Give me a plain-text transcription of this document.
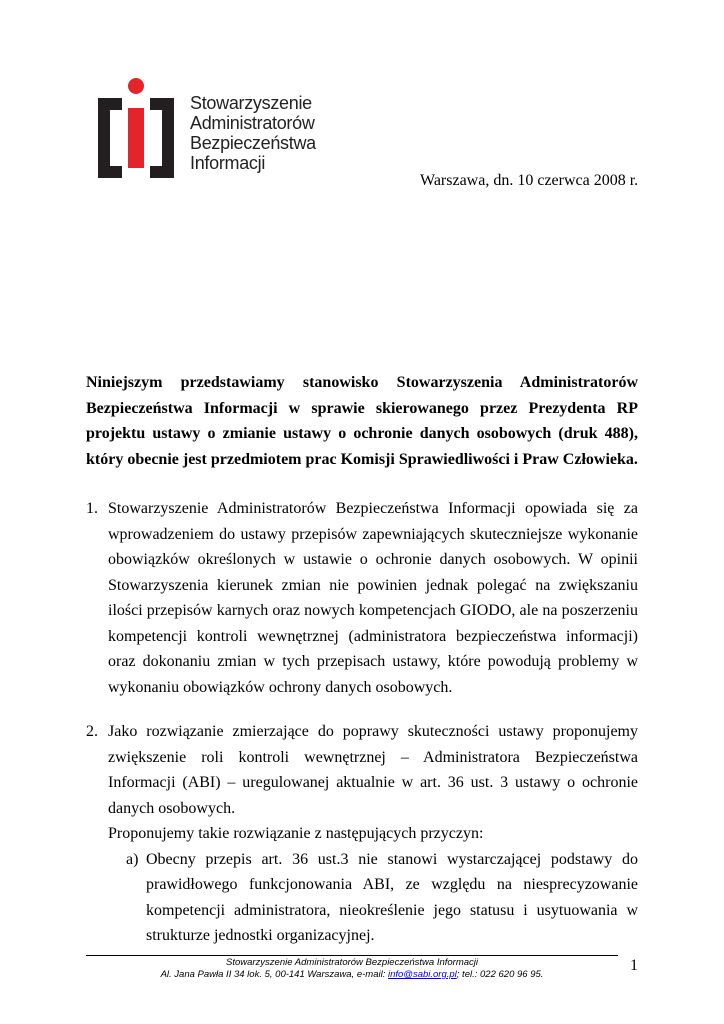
Stowarzyszenie
Administratorów
Bezpieczeństwa
Informacji
Warszawa, dn. 10 czerwca 2008 r.
Niniejszym przedstawiamy stanowisko Stowarzyszenia Administratorów
Bezpieczeństwa Informacji w sprawie skierowanego przez Prezydenta RP projektu ustawy o zmianie ustawy o ochronie danych osobowych (druk 488), który obecnie jest przedmiotem prac Komisji Sprawiedliwości i Praw Człowieka.
1. Stowarzyszenie Administratorów Bezpieczeństwa Informacji opowiada się za wprowadzeniem do ustawy przepisów zapewniających skuteczniejsze wykonanie obowiązków określonych w ustawie o ochronie danych osobowych. W opinii Stowarzyszenia kierunek zmian nie powinien jednak polegać na zwiększaniu ilości przepisów karnych oraz nowych kompetencjach GIODO, ale na poszerzeniu kompetencji kontroli wewnętrznej (administratora bezpieczeństwa informacji) oraz dokonaniu zmian w tych przepisach ustawy, które powodują problemy w wykonaniu obowiązków ochrony danych osobowych.
2. Jako rozwiązanie zmierzające do poprawy skuteczności ustawy proponujemy zwiększenie roli kontroli wewnętrznej – Administratora Bezpieczeństwa Informacji (ABI) – uregulowanej aktualnie w art. 36 ust. 3 ustawy o ochronie danych osobowych.
Proponujemy takie rozwiązanie z następujących przyczyn:
a) Obecny przepis art. 36 ust.3 nie stanowi wystarczającej podstawy do prawidłowego funkcjonowania ABI, ze względu na niesprecyzowanie kompetencji administratora, nieokreślenie jego statusu i usytuowania w strukturze jednostki organizacyjnej.
Stowarzyszenie Administratorów Bezpieczeństwa Informacji
Al. Jana Pawła II 34 lok. 5, 00-141 Warszawa, e-mail: info@sabi.org.pl; tel.: 022 620 96 95.
1
